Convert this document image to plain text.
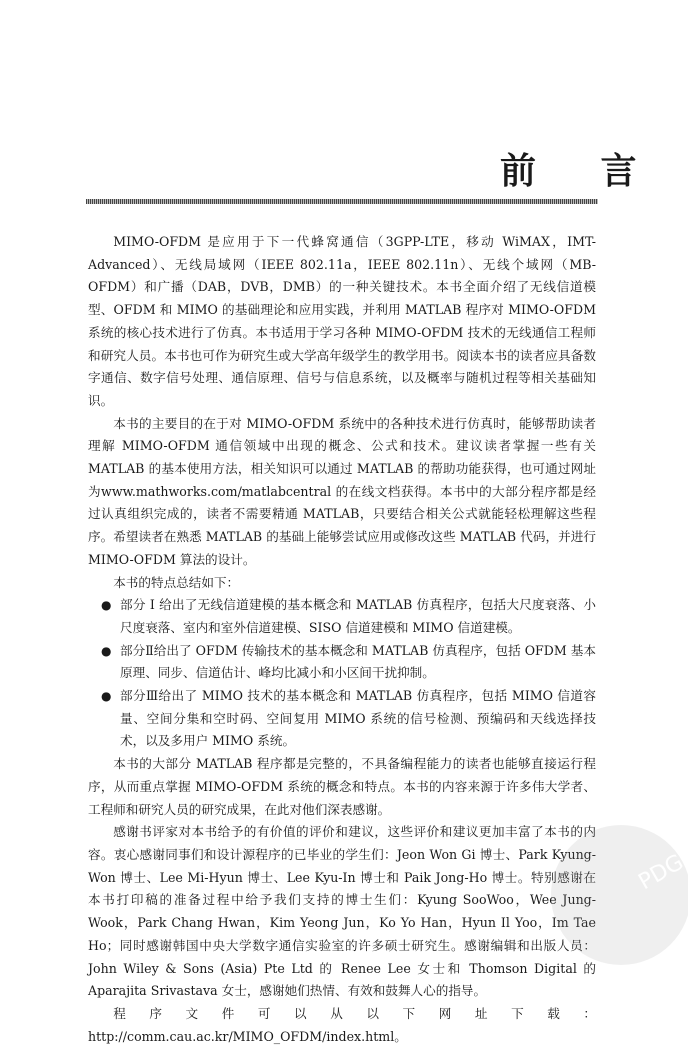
前 言

MIMO-OFDM 是应用于下一代蜂窝通信（3GPP-LTE，移动 WiMAX，IMT-Advanced）、无线局域网（IEEE 802.11a，IEEE 802.11n）、无线个域网（MB-OFDM）和广播（DAB，DVB，DMB）的一种关键技术。本书全面介绍了无线信道模型、OFDM 和 MIMO 的基础理论和应用实践，并利用 MATLAB 程序对 MIMO-OFDM 系统的核心技术进行了仿真。本书适用于学习各种 MIMO-OFDM 技术的无线通信工程师和研究人员。本书也可作为研究生或大学高年级学生的教学用书。阅读本书的读者应具备数字通信、数字信号处理、通信原理、信号与信息系统，以及概率与随机过程等相关基础知识。

本书的主要目的在于对 MIMO-OFDM 系统中的各种技术进行仿真时，能够帮助读者理解 MIMO-OFDM 通信领域中出现的概念、公式和技术。建议读者掌握一些有关 MATLAB 的基本使用方法，相关知识可以通过 MATLAB 的帮助功能获得，也可通过网址为www.mathworks.com/matlabcentral 的在线文档获得。本书中的大部分程序都是经过认真组织完成的，读者不需要精通 MATLAB，只要结合相关公式就能轻松理解这些程序。希望读者在熟悉 MATLAB 的基础上能够尝试应用或修改这些 MATLAB 代码，并进行 MIMO-OFDM 算法的设计。

本书的特点总结如下：

● 部分 I 给出了无线信道建模的基本概念和 MATLAB 仿真程序，包括大尺度衰落、小尺度衰落、室内和室外信道建模、SISO 信道建模和 MIMO 信道建模。
● 部分Ⅱ给出了 OFDM 传输技术的基本概念和 MATLAB 仿真程序，包括 OFDM 基本原理、同步、信道估计、峰均比减小和小区间干扰抑制。
● 部分Ⅲ给出了 MIMO 技术的基本概念和 MATLAB 仿真程序，包括 MIMO 信道容量、空间分集和空时码、空间复用 MIMO 系统的信号检测、预编码和天线选择技术，以及多用户 MIMO 系统。

本书的大部分 MATLAB 程序都是完整的，不具备编程能力的读者也能够直接运行程序，从而重点掌握 MIMO-OFDM 系统的概念和特点。本书的内容来源于许多伟大学者、工程师和研究人员的研究成果，在此对他们深表感谢。

感谢书评家对本书给予的有价值的评价和建议，这些评价和建议更加丰富了本书的内容。衷心感谢同事们和设计源程序的已毕业的学生们：Jeon Won Gi 博士、Park Kyung-Won 博士、Lee Mi-Hyun 博士、Lee Kyu-In 博士和 Paik Jong-Ho 博士。特别感谢在本书打印稿的准备过程中给予我们支持的博士生们：Kyung SooWoo，Wee Jung-Wook，Park Chang Hwan，Kim Yeong Jun，Ko Yo Han，Hyun Il Yoo，Im Tae Ho；同时感谢韩国中央大学数字通信实验室的许多硕士研究生。感谢编辑和出版人员：John Wiley & Sons (Asia) Pte Ltd 的 Renee Lee 女士和 Thomson Digital 的 Aparajita Srivastava 女士，感谢她们热情、有效和鼓舞人心的指导。

程序文件可以从以下网址下载：http://comm.cau.ac.kr/MIMO_OFDM/index.html。

PDG
